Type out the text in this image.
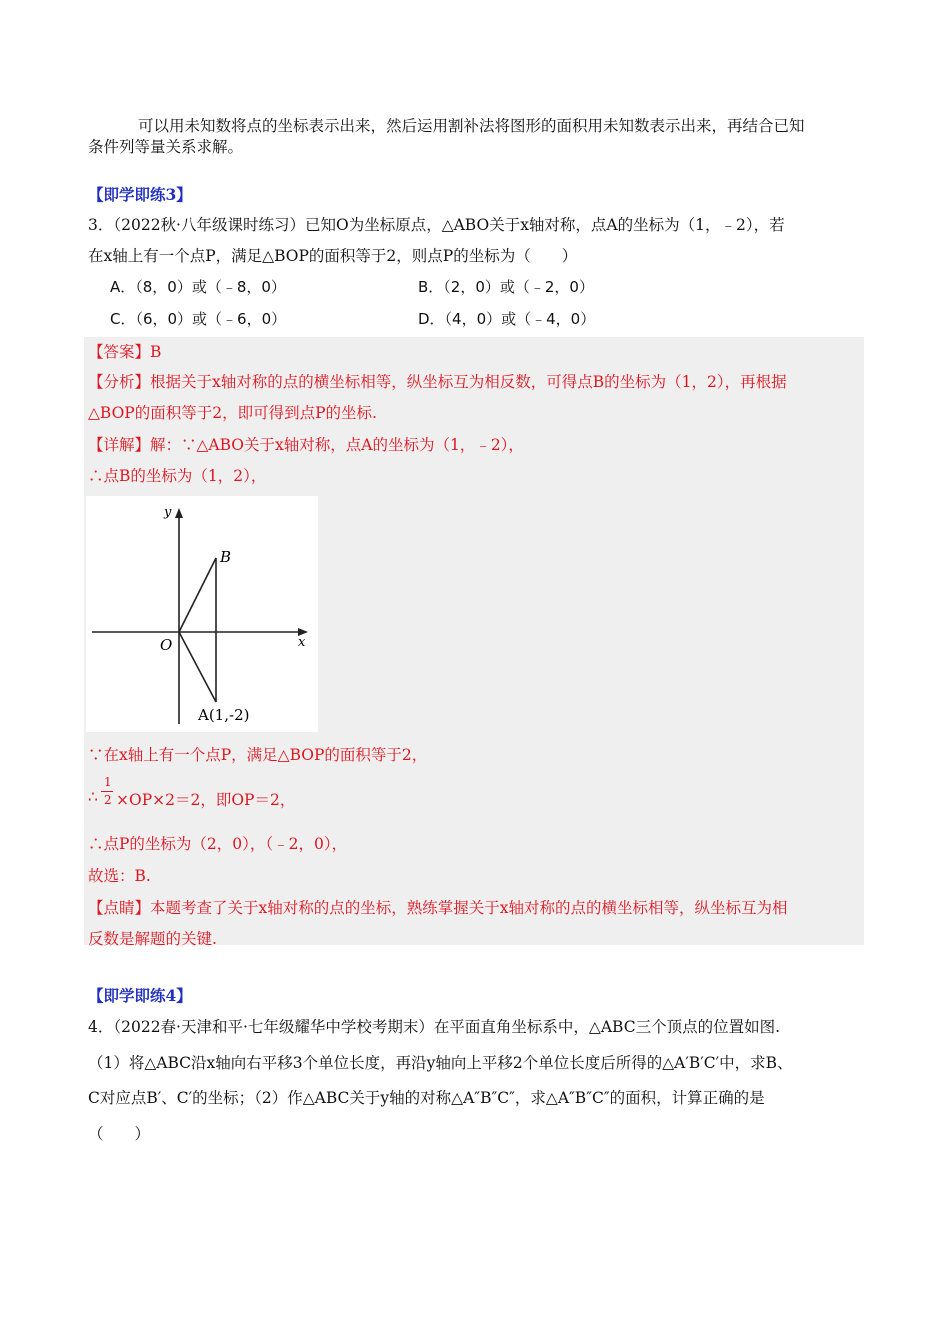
可以用未知数将点的坐标表示出来，然后运用割补法将图形的面积用未知数表示出来，再结合已知
条件列等量关系求解。
【即学即练3】
3．（2022秋·八年级课时练习）已知O为坐标原点，△ABO关于x轴对称，点A的坐标为（1，﹣2），若
在x轴上有一个点P，满足△BOP的面积等于2，则点P的坐标为（　　）
A．（8，0）或（﹣8，0）	B．（2，0）或（﹣2，0）
C．（6，0）或（﹣6，0）	D．（4，0）或（﹣4，0）
【答案】B
【分析】根据关于x轴对称的点的横坐标相等，纵坐标互为相反数，可得点B的坐标为（1，2），再根据
△BOP的面积等于2，即可得到点P的坐标.
【详解】解：∵△ABO关于x轴对称，点A的坐标为（1，﹣2），
∴点B的坐标为（1，2），
y
x
O
B
A(1,-2)
∵在x轴上有一个点P，满足△BOP的面积等于2，
∴
1
2 ×OP×2＝2，即OP＝2，
∴点P的坐标为（2，0），（﹣2，0），
故选：B.
【点睛】本题考查了关于x轴对称的点的坐标，熟练掌握关于x轴对称的点的横坐标相等，纵坐标互为相
反数是解题的关键.
【即学即练4】
4．（2022春·天津和平·七年级耀华中学校考期末）在平面直角坐标系中，△ABC三个顶点的位置如图.
（1）将△ABC沿x轴向右平移3个单位长度，再沿y轴向上平移2个单位长度后所得的△A′B′C′中，求B、
C对应点B′、C′的坐标；（2）作△ABC关于y轴的对称△A″B″C″，求△A″B″C″的面积，计算正确的是
（　　）
